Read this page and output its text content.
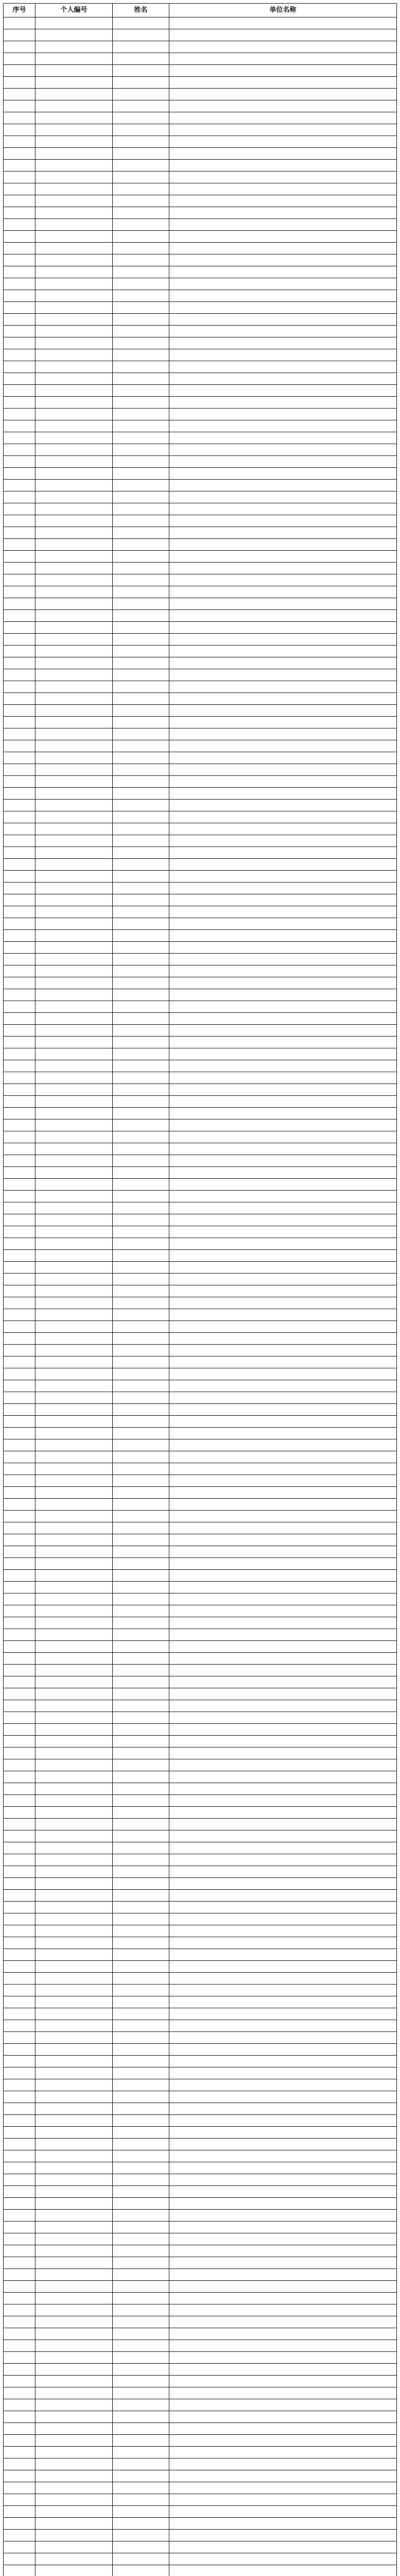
序号	个人编号	姓名	单位名称
